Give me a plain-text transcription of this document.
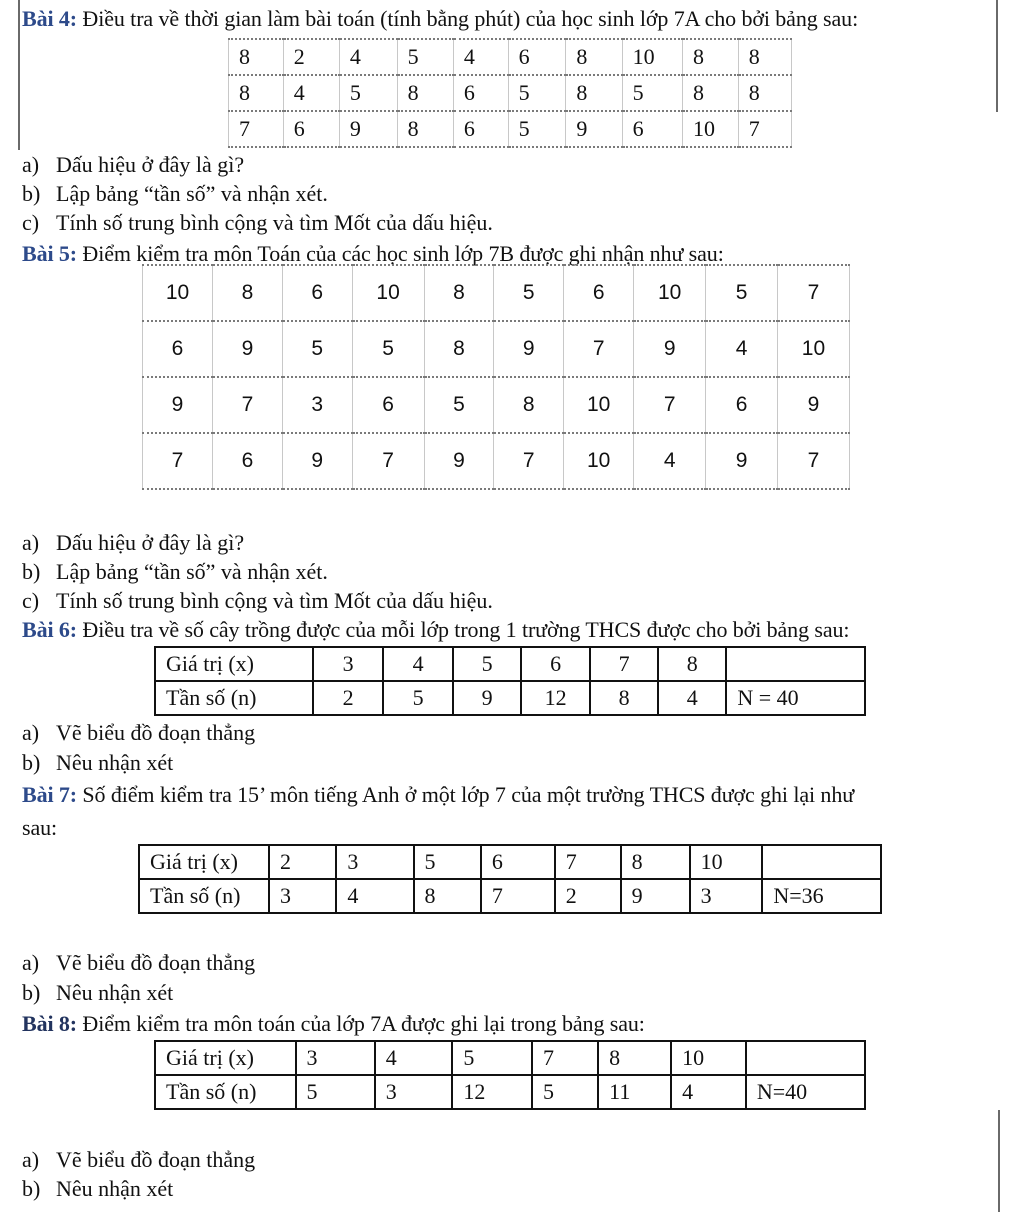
Bài 4: Điều tra về thời gian làm bài toán (tính bằng phút) của học sinh lớp 7A cho bởi bảng sau:
8	2	4	5	4	6	8	10	8	8
8	4	5	8	6	5	8	5	8	8
7	6	9	8	6	5	9	6	10	7
a) Dấu hiệu ở đây là gì?
b) Lập bảng “tần số” và nhận xét.
c) Tính số trung bình cộng và tìm Mốt của dấu hiệu.
Bài 5: Điểm kiểm tra môn Toán của các học sinh lớp 7B được ghi nhận như sau:
10	8	6	10	8	5	6	10	5	7
6	9	5	5	8	9	7	9	4	10
9	7	3	6	5	8	10	7	6	9
7	6	9	7	9	7	10	4	9	7
a) Dấu hiệu ở đây là gì?
b) Lập bảng “tần số” và nhận xét.
c) Tính số trung bình cộng và tìm Mốt của dấu hiệu.
Bài 6: Điều tra về số cây trồng được của mỗi lớp trong 1 trường THCS được cho bởi bảng sau:
Giá trị (x)	3	4	5	6	7	8	
Tần số (n)	2	5	9	12	8	4	N = 40
a) Vẽ biểu đồ đoạn thẳng
b) Nêu nhận xét
Bài 7: Số điểm kiểm tra 15’ môn tiếng Anh ở một lớp 7 của một trường THCS được ghi lại như
sau:
Giá trị (x)	2	3	5	6	7	8	10	
Tần số (n)	3	4	8	7	2	9	3	N=36
a) Vẽ biểu đồ đoạn thẳng
b) Nêu nhận xét
Bài 8: Điểm kiểm tra môn toán của lớp 7A được ghi lại trong bảng sau:
Giá trị (x)	3	4	5	7	8	10	
Tần số (n)	5	3	12	5	11	4	N=40
a) Vẽ biểu đồ đoạn thẳng
b) Nêu nhận xét
